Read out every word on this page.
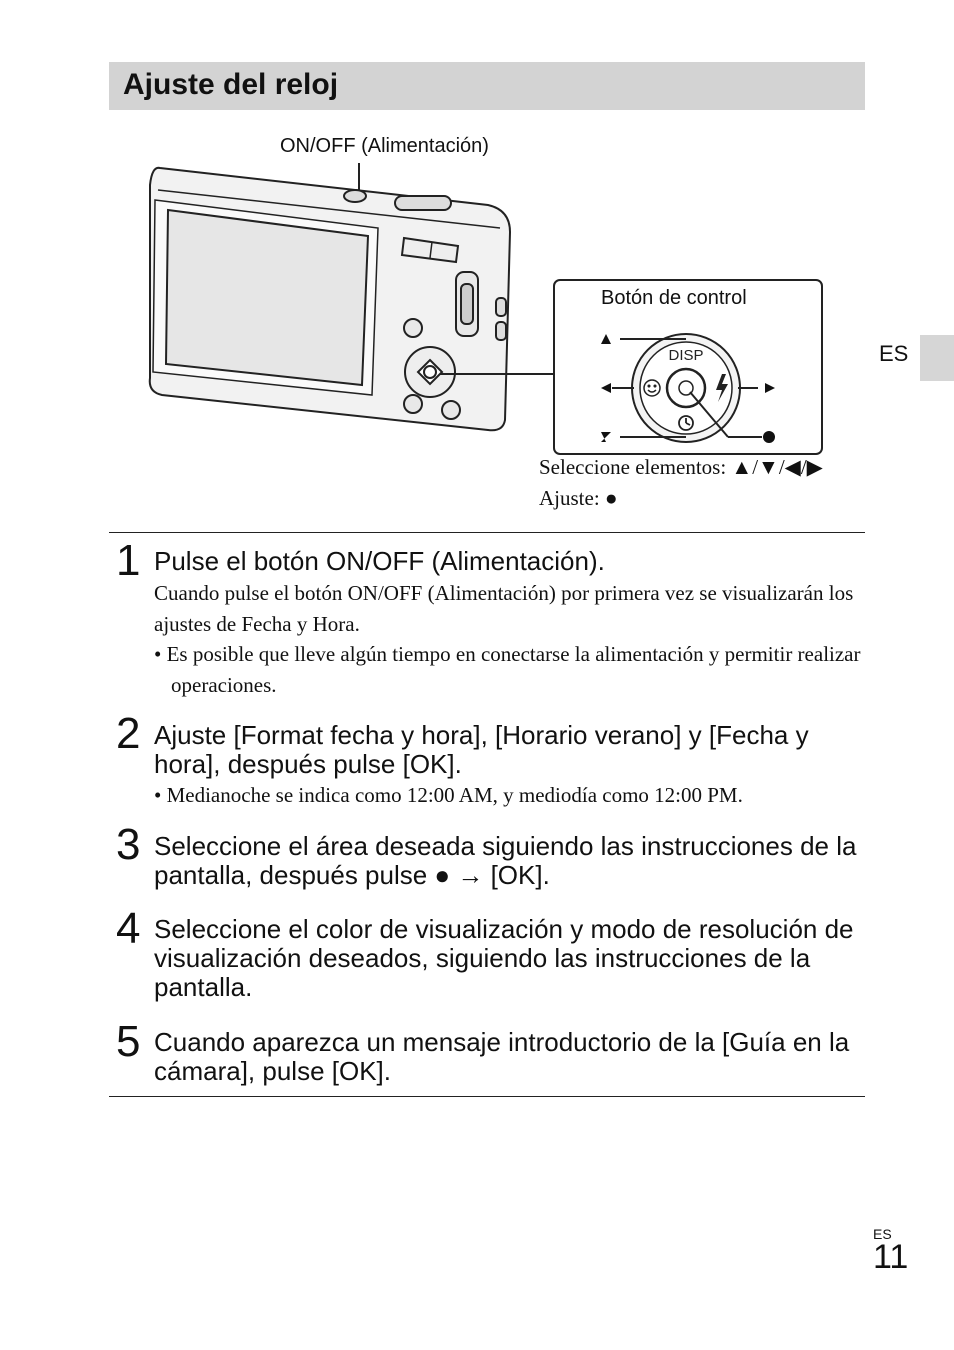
Ajuste del reloj
ES
DISP
ON/OFF (Alimentación)
Botón de control
Seleccione elementos: ▲/▼/◀/▶
Ajuste: ●
1 Pulse el botón ON/OFF (Alimentación).
Cuando pulse el botón ON/OFF (Alimentación) por primera vez se visualizarán los ajustes de Fecha y Hora.
• Es posible que lleve algún tiempo en conectarse la alimentación y permitir realizar operaciones.
2 Ajuste [Format fecha y hora], [Horario verano] y [Fecha y hora], después pulse [OK].
• Medianoche se indica como 12:00 AM, y mediodía como 12:00 PM.
3 Seleccione el área deseada siguiendo las instrucciones de la pantalla, después pulse ● → [OK].
4 Seleccione el color de visualización y modo de resolución de visualización deseados, siguiendo las instrucciones de la pantalla.
5 Cuando aparezca un mensaje introductorio de la [Guía en la cámara], pulse [OK].
ES
11
